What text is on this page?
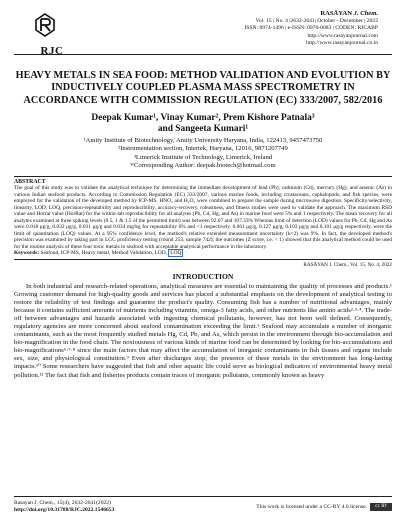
RJC
RASĀYAN J. Chem.
Vol. 15 | No. 4 |2632-2641| October - December | 2022
ISSN: 0974-1496 | e-ISSN: 0976-0083 | CODEN: RJCABP
http://www.rasayanjournal.com
http://www.rasayanjournal.co.in
HEAVY METALS IN SEA FOOD: METHOD VALIDATION AND EVOLUTION BY INDUCTIVELY COUPLED PLASMA MASS SPECTROMETRY IN ACCORDANCE WITH COMMISSION REGULATION (EC) 333/2007, 582/2016
Deepak Kumar¹, Vinay Kumar², Prem Kishore Patnala³
and Sangeeta Kumari¹
¹Amity Institute of Biotechnology, Amity University Haryana, India, 122413, 9457473750
²Instrumentation section, Intertek, Haryana, 12016, 9871207749
³Limerick Institute of Technology, Limerick, Ireland
ᵂCorresponding Author: deepak.biotech@hotmail.com
ABSTRACT
The goal of this study was to validate the analytical technique for determining the immediate development of lead (Pb), cadmium (Cd), mercury (Hg), and arsenic (As) in various Indian seafood products. According to Commission Regulation (EC) 333/2007, various marine foods, including crustaceans, cephalopods, and fish species, were employed for the validation of the developed method by ICP-MS. HNO₃ and H₂O₂ were combined to prepare the sample during microwave digestion. Specificity/selectivity, linearity, LOD, LOQ, precision-repeatability and reproducibility, accuracy-recovery, robustness, and fitness studies were used to validate the approach. The maximum RSD value and Horrat value (HorRat) for the within-lab reproducibility for all analytes (Pb, Cd, Hg, and As) in marine food were 5% and 1 respectively. The mean recovery for all analytes examined at three spiking levels (0.5, 1 & 1.5 of the permitted limit) was between 92.67 and 107.33% Whereas limit of detection (LOD) values for Pb, Cd, Hg and As were 0.018 μg/g, 0.032 μg/g, 0.031 μg/g and 0.034 mg/kg for repeatability 6% and <1 respectively. 0.061 μg/g, 0.127 μg/g, 0.103 μg/g and 0.101 μg/g respectively, were the limit of quantitation (LOQ) values. At a 95% confidence level, the method's relative extended measurement uncertainty (k=2) was 9%. In fact, the developed method's precision was examined by taking part in LGC proficiency testing (round 253, sample 742); the outcomes (Z score, i.e. < 1) showed that this analytical method could be used for the routine analysis of these four toxic metals in seafood with acceptable analytical performance in the laboratory.
Keywords: Seafood, ICP-MS, Heavy metal, Method Validation, LOD, LOQ
RASĀYAN J. Chem., Vol. 15, No. 4, 2022
INTRODUCTION

In both industrial and research-related operations, analytical measures are essential to maintaining the quality of processes and products.¹ Growing customer demand for high-quality goods and services has placed a substantial emphasis on the development of analytical testing to restore the reliability of test findings and guarantee the product's quality. Consuming fish has a number of nutritional advantages, mainly because it contains sufficient amounts of nutrients including vitamins, omega-3 fatty acids, and other nutrients like amino acids²·³·⁴. The trade-off between advantages and hazards associated with ingesting chemical pollutants, however, has not been well defined. Consequently, regulatory agencies are more concerned about seafood contamination exceeding the limit.⁵ Seafood may accumulate a number of inorganic contaminants, such as the most frequently studied metals Hg, Cd, Pb, and As, which persist in the environment through bio-accumulation and bio-magnification in the food chain. The noxiousness of various kinds of marine food can be determined by looking for bio-accumulations and bio-magnifications⁶·⁷·⁸ since the main factors that may affect the accumulation of inorganic contaminants in fish tissues and organs include sex, size, and physiological constitution.⁹ Even after discharges stop, the presence of these metals in the environment has long-lasting impacts.¹⁰ Some researchers have suggested that fish and other aquatic life could serve as biological indicators of environmental heavy metal pollution.¹¹ The fact that fish and fisheries products contain traces of inorganic pollutants, commonly known as heavy

Rasayan J. Chem., 15(4), 2632-2641(2022)
http://doi.org/10.31788/RJC.2022.1546653
This work is licensed under a CC-BY 4.0 license.	cc BY
